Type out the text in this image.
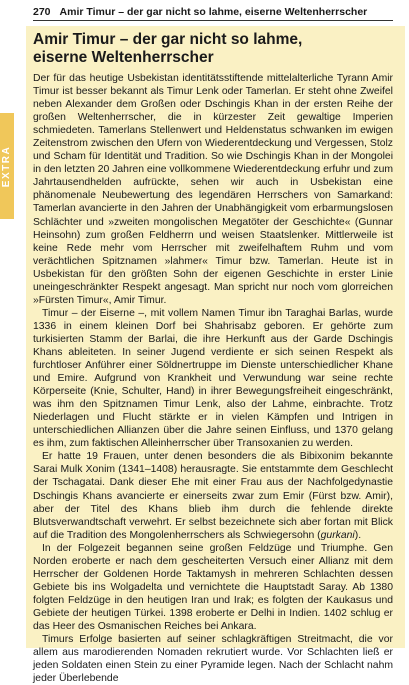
270 Amir Timur – der gar nicht so lahme, eiserne Weltenherrscher
EXTRA
Amir Timur – der gar nicht so lahme,
eiserne Weltenherrscher

Der für das heutige Usbekistan identitätsstiftende mittelalterliche Tyrann Amir Timur ist besser bekannt als Timur Lenk oder Tamerlan. Er steht ohne Zweifel neben Alexander dem Großen oder Dschingis Khan in der ersten Reihe der großen Weltenherrscher, die in kürzester Zeit gewaltige Imperien schmiedeten. Tamerlans Stellenwert und Heldenstatus schwanken im ewigen Zeitenstrom zwischen den Ufern von Wiederentdeckung und Vergessen, Stolz und Scham für Identität und Tradition. So wie Dschingis Khan in der Mongolei in den letzten 20 Jahren eine vollkommene Wiederentdeckung erfuhr und zum Jahrtausendhelden aufrückte, sehen wir auch in Usbekistan eine phänomenale Neubewertung des legendären Herrschers von Samarkand: Tamerlan avancierte in den Jahren der Unabhängigkeit vom erbarmungslosen Schlächter und »zweiten mongolischen Megatöter der Geschichte« (Gunnar Heinsohn) zum großen Feldherrn und weisen Staatslenker. Mittlerweile ist keine Rede mehr vom Herrscher mit zweifelhaftem Ruhm und vom verächtlichen Spitznamen »lahmer« Timur bzw. Tamerlan. Heute ist in Usbekistan für den größten Sohn der eigenen Geschichte in erster Linie uneingeschränkter Respekt angesagt. Man spricht nur noch vom glorreichen »Fürsten Timur«, Amir Timur.

Timur – der Eiserne –, mit vollem Namen Timur ibn Taraghai Barlas, wurde 1336 in einem kleinen Dorf bei Shahrisabz geboren. Er gehörte zum turkisierten Stamm der Barlai, die ihre Herkunft aus der Garde Dschingis Khans ableiteten. In seiner Jugend verdiente er sich seinen Respekt als furchtloser Anführer einer Söldnertruppe im Dienste unterschiedlicher Khane und Emire. Aufgrund von Krankheit und Verwundung war seine rechte Körperseite (Knie, Schulter, Hand) in ihrer Bewegungsfreiheit eingeschränkt, was ihm den Spitznamen Timur Lenk, also der Lahme, einbrachte. Trotz Niederlagen und Flucht stärkte er in vielen Kämpfen und Intrigen in unterschiedlichen Allianzen über die Jahre seinen Einfluss, und 1370 gelang es ihm, zum faktischen Alleinherrscher über Transoxanien zu werden.

Er hatte 19 Frauen, unter denen besonders die als Bibixonim bekannte Sarai Mulk Xonim (1341–1408) herausragte. Sie entstammte dem Geschlecht der Tschagatai. Dank dieser Ehe mit einer Frau aus der Nachfolgedynastie Dschingis Khans avancierte er einerseits zwar zum Emir (Fürst bzw. Amir), aber der Titel des Khans blieb ihm durch die fehlende direkte Blutsverwandtschaft verwehrt. Er selbst bezeichnete sich aber fortan mit Blick auf die Tradition des Mongolenherrschers als Schwiegersohn (gurkani).

In der Folgezeit begannen seine großen Feldzüge und Triumphe. Gen Norden eroberte er nach dem gescheiterten Versuch einer Allianz mit dem Herrscher der Goldenen Horde Taktamysh in mehreren Schlachten dessen Gebiete bis ins Wolgadelta und vernichtete die Hauptstadt Saray. Ab 1380 folgten Feldzüge in den heutigen Iran und Irak; es folgten der Kaukasus und Gebiete der heutigen Türkei. 1398 eroberte er Delhi in Indien. 1402 schlug er das Heer des Osmanischen Reiches bei Ankara.

Timurs Erfolge basierten auf seiner schlagkräftigen Streitmacht, die vor allem aus marodierenden Nomaden rekrutiert wurde. Vor Schlachten ließ er jeden Soldaten einen Stein zu einer Pyramide legen. Nach der Schlacht nahm jeder Überlebende
